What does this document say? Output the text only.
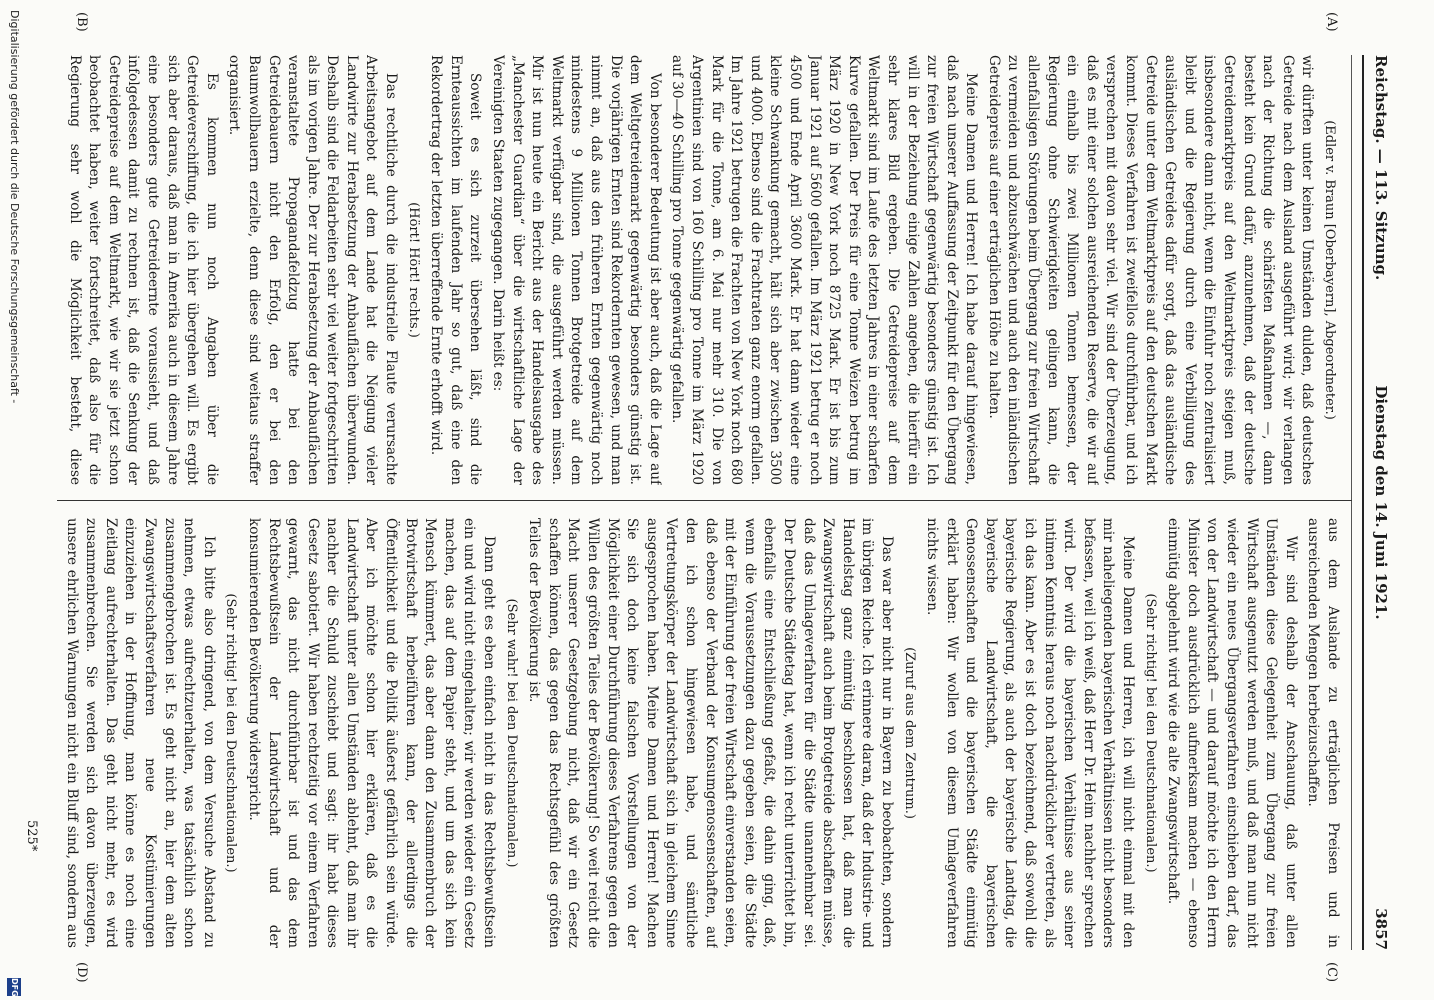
Reichstag. — 113. Sitzung.
Dienstag den 14. Juni 1921.
3857
(A)
(B)
(C)
(D)

(Edler v. Braun [Oberbayern], Abgeordneter.)

wir dürften unter keinen Umständen dulden, daß deutsches Getreide nach dem Ausland ausgeführt wird; wir verlangen nach der Richtung die schärfsten Maßnahmen —, dann besteht kein Grund dafür, anzunehmen, daß der deutsche Getreidemarktpreis auf den Weltmarktpreis steigen muß, insbesondere dann nicht, wenn die Einfuhr noch zentralisiert bleibt und die Regierung durch eine Verbilligung des ausländischen Getreides dafür sorgt, daß das ausländische Getreide unter dem Weltmarktpreis auf den deutschen Markt kommt. Dieses Verfahren ist zweifellos durchführbar, und ich versprechen mit davon sehr viel. Wir sind der Überzeugung, daß es mit einer solchen ausreichenden Reserve, die wir auf ein einhalb bis zwei Millionen Tonnen bemessen, der Regierung ohne Schwierigkeiten gelingen kann, die allenfallsigen Störungen beim Übergang zur freien Wirtschaft zu vermeiden und abzuschwächen und auch den inländischen Getreidepreis auf einer erträglichen Höhe zu halten.

Meine Damen und Herren! Ich habe darauf hingewiesen, daß nach unserer Auffassung der Zeitpunkt für den Übergang zur freien Wirtschaft gegenwärtig besonders günstig ist. Ich will in der Beziehung einige Zahlen angeben, die hierfür ein sehr klares Bild ergeben. Die Getreidepreise auf dem Weltmarkt sind im Laufe des letzten Jahres in einer scharfen Kurve gefallen. Der Preis für eine Tonne Weizen betrug im März 1920 in New York noch 8725 Mark. Er ist bis zum Januar 1921 auf 5600 gefallen. Im März 1921 betrug er noch 4500 und Ende April 3600 Mark. Er hat dann wieder eine kleine Schwankung gemacht, hält sich aber zwischen 3500 und 4000. Ebenso sind die Frachtraten ganz enorm gefallen. Im Jahre 1921 betrugen die Frachten von New York noch 680 Mark für die Tonne, am 6. Mai nur mehr 310. Die von Argentinien sind von 160 Schilling pro Tonne im März 1920 auf 30—40 Schilling pro Tonne gegenwärtig gefallen.

Von besonderer Bedeutung ist aber auch, daß die Lage auf dem Weltgetreidemarkt gegenwärtig besonders günstig ist. Die vorjährigen Ernten sind Rekordernten gewesen, und man nimmt an, daß aus den früheren Ernten gegenwärtig noch mindestens 9 Millionen Tonnen Brotgetreide auf dem Weltmarkt verfügbar sind, die ausgeführt werden müssen. Mir ist nun heute ein Bericht aus der Handelsausgabe des „Manchester Guardian“ über die wirtschaftliche Lage der Vereinigten Staaten zugegangen. Darin heißt es:

Soweit es sich zurzeit übersehen läßt, sind die Ernteaussichten im laufenden Jahr so gut, daß eine den Rekordertrag der letzten überreffende Ernte erhofft wird.

(Hört! Hört! rechts.)

Das rechtliche durch die industrielle Flaute verursachte Arbeitsangebot auf dem Lande hat die Neigung vieler Landwirte zur Herabsetzung der Anbauflächen überwunden. Deshalb sind die Feldarbeiten sehr viel weiter fortgeschritten als im vorigen Jahre. Der zur Herabsetzung der Anbauflächen veranstaltete Propagandafeldzug hatte bei den Getreidebauern nicht den Erfolg, den er bei den Baumwollbauern erzielte, denn diese sind weitaus straffer organisiert.

Es kommen nun noch Angaben über die Getreideverschiffung, die ich hier übergehen will. Es ergibt sich aber daraus, daß man in Amerika auch in diesem Jahre eine besonders gute Getreideernte voraussieht, und daß infolgedessen damit zu rechnen ist, daß die Senkung der Getreidepreise auf dem Weltmarkt, wie wir sie jetzt schon beobachtet haben, weiter fortschreitet, daß also für die Regierung sehr wohl die Möglichkeit besteht, diese

aus dem Auslande zu erträglichen Preisen und in ausreichenden Mengen herbeizuschaffen.

Wir sind deshalb der Anschauung, daß unter allen Umständen diese Gelegenheit zum Übergang zur freien Wirtschaft ausgenutzt werden muß, und daß man nun nicht wieder ein neues Übergangsverfahren einschieben darf, das von der Landwirtschaft — und darauf möchte ich den Herrn Minister doch ausdrücklich aufmerksam machen — ebenso einmütig abgelehnt wird wie die alte Zwangswirtschaft.

(Sehr richtig! bei den Deutschnationalen.)

Meine Damen und Herren, ich will nicht einmal mit den mir naheliegenden bayerischen Verhältnissen nicht besonders befassen, weil ich weiß, daß Herr Dr. Heim nachher sprechen wird. Der wird die bayerischen Verhältnisse aus seiner intimen Kenntnis heraus noch nachdrücklicher vertreten, als ich das kann. Aber es ist doch bezeichnend, daß sowohl die bayerische Regierung, als auch der bayerische Landtag, die bayerische Landwirtschaft, die bayerischen Genossenschaften und die bayerischen Städte einmütig erklärt haben: Wir wollen von diesem Umlageverfahren nichts wissen.

(Zuruf aus dem Zentrum.)

Das war aber nicht nur in Bayern zu beobachten, sondern im übrigen Reiche. Ich erinnere daran, daß der Industrie- und Handelstag ganz einmütig beschlossen hat, daß man die Zwangswirtschaft auch beim Brotgetreide abschaffen müsse, daß das Umlageverfahren für die Städte unannehmbar sei. Der Deutsche Städtetag hat, wenn ich recht unterrichtet bin, ebenfalls eine Entschließung gefaßt, die dahin ging, daß, wenn die Voraussetzungen dazu gegeben seien, die Städte mit der Einführung der freien Wirtschaft einverstanden seien, daß ebenso der Verband der Konsumgenossenschaften, auf den ich schon hingewiesen habe, und sämtliche Vertretungskörper der Landwirtschaft sich in gleichem Sinne ausgesprochen haben. Meine Damen und Herren! Machen Sie sich doch keine falschen Vorstellungen von der Möglichkeit einer Durchführung dieses Verfahrens gegen den Willen des größten Teiles der Bevölkerung! So weit reicht die Macht unserer Gesetzgebung nicht, daß wir ein Gesetz schaffen können, das gegen das Rechtsgefühl des größten Teiles der Bevölkerung ist.

(Sehr wahr! bei den Deutschnationalen.)

Dann geht es eben einfach nicht in das Rechtsbewußtsein ein und wird nicht eingehalten; wir werden wieder ein Gesetz machen, das auf dem Papier steht, und um das sich kein Mensch kümmert, das aber dann den Zusammenbruch der Brotwirtschaft herbeiführen kann, der allerdings die Öffentlichkeit und die Politik äußerst gefährlich sein würde. Aber ich möchte schon hier erklären, daß es die Landwirtschaft unter allen Umständen ablehnt, daß man ihr nachher die Schuld zuschiebt und sagt: ihr habt dieses Gesetz sabotiert. Wir haben rechtzeitig vor einem Verfahren gewarnt, das nicht durchführbar ist und das dem Rechtsbewußtsein der Landwirtschaft und der konsumierenden Bevölkerung widerspricht.

(Sehr richtig! bei den Deutschnationalen.)

Ich bitte also dringend, von dem Versuche Abstand zu nehmen, etwas aufrechtzuerhalten, was tatsächlich schon zusammengebrochen ist. Es geht nicht an, hier dem alten Zwangswirtschaftsverfahren neue Kostümierungen einzuziehen in der Hoffnung, man könne es noch eine Zeitlang aufrechterhalten. Das geht nicht mehr, es wird zusammenbrechen. Sie werden sich davon überzeugen, unsere ehrlichen Warnungen nicht ein Bluff sind, sondern aus

525*
Digitalisierung gefördert durch die Deutsche Forschungsgemeinschaft -
DFG
